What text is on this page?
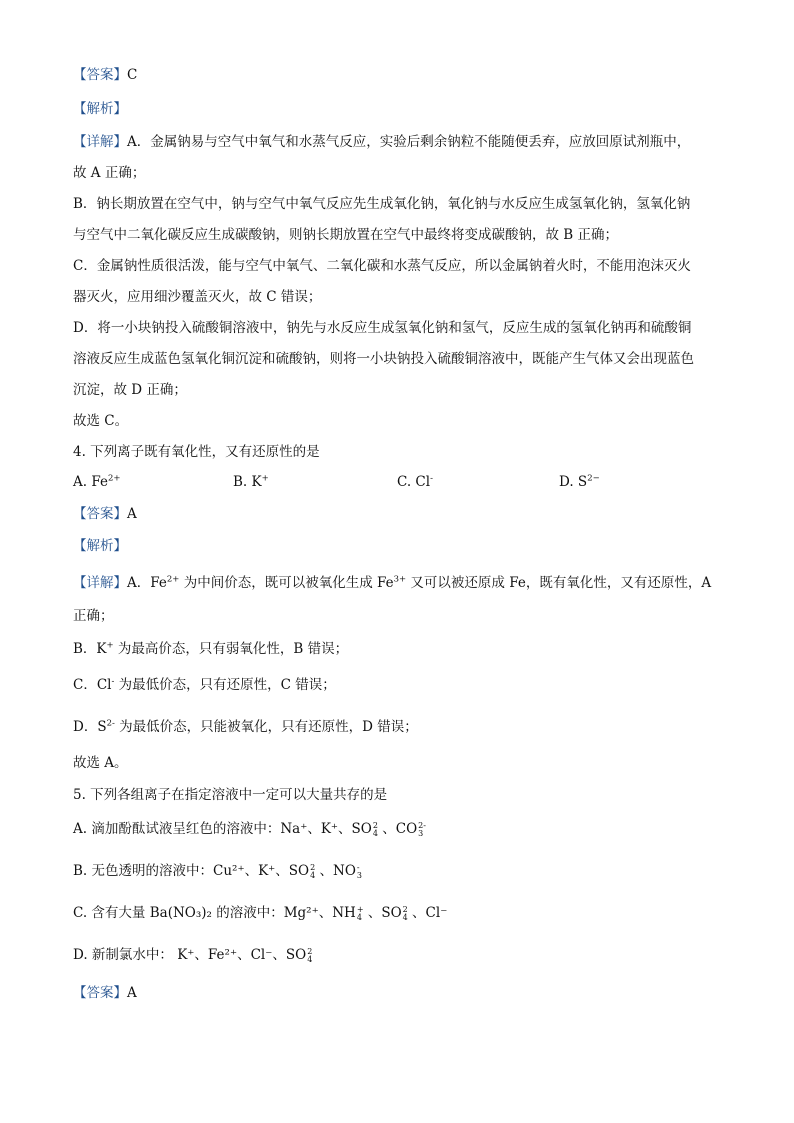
【答案】C
【解析】
【详解】A．金属钠易与空气中氧气和水蒸气反应，实验后剩余钠粒不能随便丢弃，应放回原试剂瓶中，
故 A 正确；
B．钠长期放置在空气中，钠与空气中氧气反应先生成氧化钠，氧化钠与水反应生成氢氧化钠，氢氧化钠
与空气中二氧化碳反应生成碳酸钠，则钠长期放置在空气中最终将变成碳酸钠，故 B 正确；
C．金属钠性质很活泼，能与空气中氧气、二氧化碳和水蒸气反应，所以金属钠着火时，不能用泡沫灭火
器灭火，应用细沙覆盖灭火，故 C 错误；
D．将一小块钠投入硫酸铜溶液中，钠先与水反应生成氢氧化钠和氢气，反应生成的氢氧化钠再和硫酸铜
溶液反应生成蓝色氢氧化铜沉淀和硫酸钠，则将一小块钠投入硫酸铜溶液中，既能产生气体又会出现蓝色
沉淀，故 D 正确；
故选 C。
4. 下列离子既有氧化性，又有还原性的是
A. $Fe^{2+}$	B. K+	C. Cl-	D. $S^{2-}$
【答案】A
【解析】
【详解】A．$Fe^{2+}$ 为中间价态，既可以被氧化生成 $Fe^{3+}$ 又可以被还原成 Fe，既有氧化性，又有还原性，A
正确；
B．K+ 为最高价态，只有弱氧化性，B 错误；
C．Cl- 为最低价态，只有还原性，C 错误；
D．$S^{2-}$ 为最低价态，只能被氧化，只有还原性，D 错误；
故选 A。
5. 下列各组离子在指定溶液中一定可以大量共存的是
A. 滴加酚酞试液呈红色的溶液中：Na⁺、K⁺、SO 2
4 、CO 2-
3
B. 无色透明的溶液中：Cu²⁺、K⁺、SO 2
4 、NO -
3
C. 含有大量 Ba(NO₃)₂ 的溶液中：Mg²⁺、NH +
4 、SO 2
4 、Cl⁻
D. 新制氯水中： K⁺、Fe²⁺、Cl⁻、SO 2
4
【答案】A
